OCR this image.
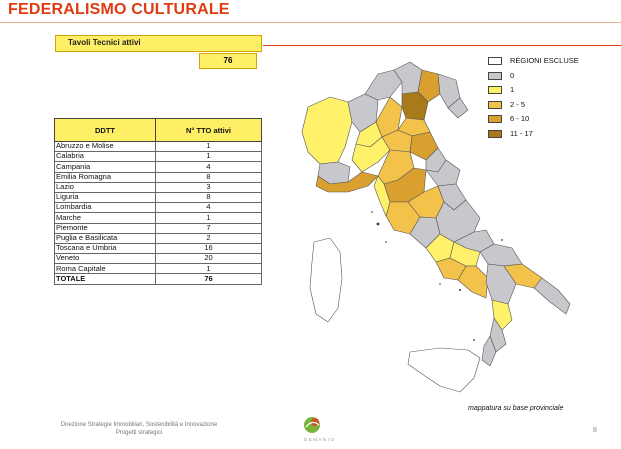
FEDERALISMO CULTURALE
Tavoli Tecnici attivi
76
DDTT	N° TTO attivi
Abruzzo e Molise	1
Calabria	1
Campania	4
Emilia Romagna	8
Lazio	3
Liguria	8
Lombardia	4
Marche	1
Piemonte	7
Puglia e Basilicata	2
Toscana e Umbria	16
Veneto	20
Roma Capitale	1
TOTALE	76
REGIONI ESCLUSE
0
1
2 - 5
6 - 10
11 - 17
mappatura su base provinciale
Direzione Strategie Immobiliari, Sostenibilità e Innovazione
Progetti strategici
DEMANIO
8
